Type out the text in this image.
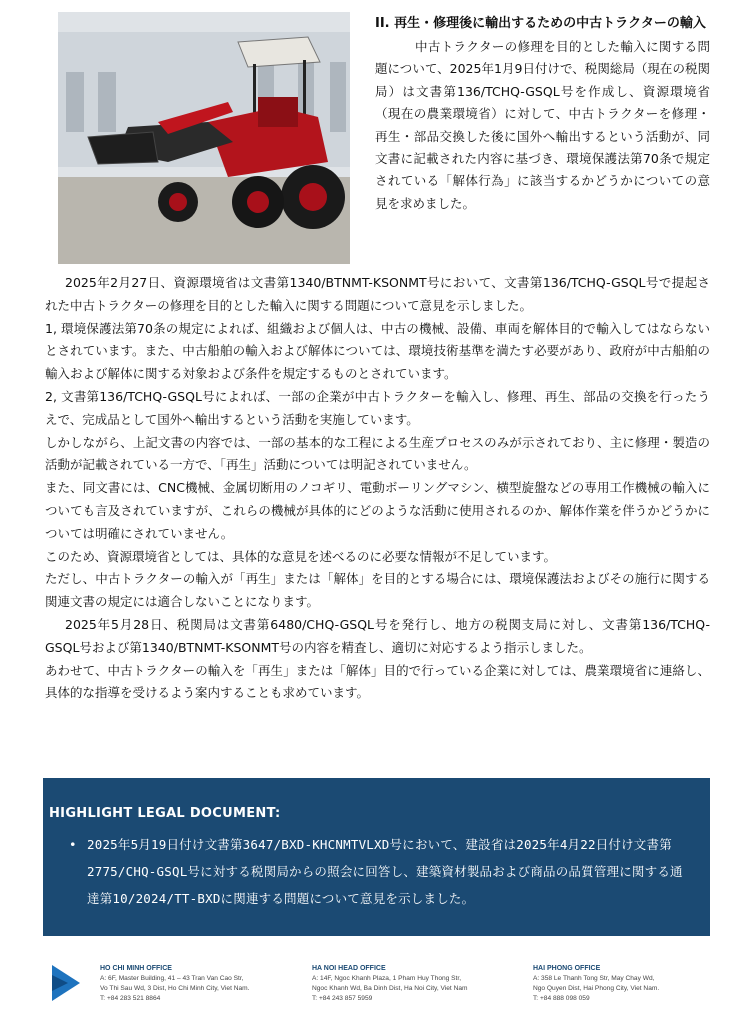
II. 再生・修理後に輸出するための中古トラクターの輸入

中古トラクターの修理を目的とした輸入に関する問題について、2025年1月9日付けで、税関総局（現在の税関局）は文書第136/TCHQ-GSQL号を作成し、資源環境省（現在の農業環境省）に対して、中古トラクターを修理・再生・部品交換した後に国外へ輸出するという活動が、同文書に記載された内容に基づき、環境保護法第70条で規定されている「解体行為」に該当するかどうかについての意見を求めました。

2025年2月27日、資源環境省は文書第1340/BTNMT-KSONMT号において、文書第136/TCHQ-GSQL号で提起された中古トラクターの修理を目的とした輸入に関する問題について意見を示しました。

1, 環境保護法第70条の規定によれば、組織および個人は、中古の機械、設備、車両を解体目的で輸入してはならないとされています。また、中古船舶の輸入および解体については、環境技術基準を満たす必要があり、政府が中古船舶の輸入および解体に関する対象および条件を規定するものとされています。

2, 文書第136/TCHQ-GSQL号によれば、一部の企業が中古トラクターを輸入し、修理、再生、部品の交換を行ったうえで、完成品として国外へ輸出するという活動を実施しています。

しかしながら、上記文書の内容では、一部の基本的な工程による生産プロセスのみが示されており、主に修理・製造の活動が記載されている一方で、「再生」活動については明記されていません。

また、同文書には、CNC機械、金属切断用のノコギリ、電動ボーリングマシン、横型旋盤などの専用工作機械の輸入についても言及されていますが、これらの機械が具体的にどのような活動に使用されるのか、解体作業を伴うかどうかについては明確にされていません。

このため、資源環境省としては、具体的な意見を述べるのに必要な情報が不足しています。

ただし、中古トラクターの輸入が「再生」または「解体」を目的とする場合には、環境保護法およびその施行に関する関連文書の規定には適合しないことになります。

2025年5月28日、税関局は文書第6480/CHQ-GSQL号を発行し、地方の税関支局に対し、文書第136/TCHQ-GSQL号および第1340/BTNMT-KSONMT号の内容を精査し、適切に対応するよう指示しました。

あわせて、中古トラクターの輸入を「再生」または「解体」目的で行っている企業に対しては、農業環境省に連絡し、具体的な指導を受けるよう案内することも求めています。

HIGHLIGHT LEGAL DOCUMENT:
• 2025年5月19日付け文書第3647/BXD-KHCNMTVLXD号において、建設省は2025年4月22日付け文書第2775/CHQ-GSQL号に対する税関局からの照会に回答し、建築資材製品および商品の品質管理に関する通達第10/2024/TT-BXDに関連する問題について意見を示しました。
HO CHI MINH OFFICE
A: 6F, Master Building, 41 – 43 Tran Van Cao Str,
Vo Thi Sau Wd, 3 Dist, Ho Chi Minh City, Viet Nam.
T: +84 283 521 8864
HA NOI HEAD OFFICE
A: 14F, Ngoc Khanh Plaza, 1 Pham Huy Thong Str,
Ngoc Khanh Wd, Ba Dinh Dist, Ha Noi City, Viet Nam
T: +84 243 857 5959
HAI PHONG OFFICE
A: 358 Le Thanh Tong Str, May Chay Wd,
Ngo Quyen Dist, Hai Phong City, Viet Nam.
T: +84 888 098 059
